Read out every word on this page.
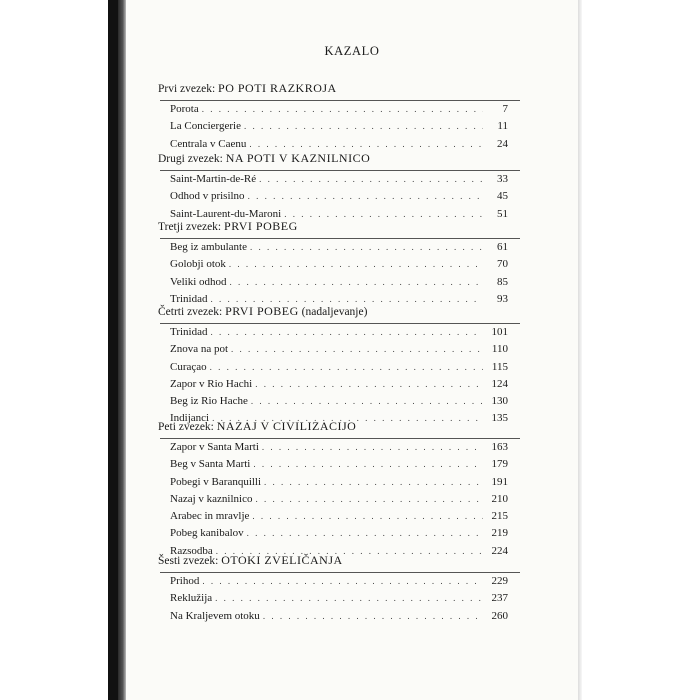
KAZALO
Prvi zvezek: PO POTI RAZKROJA
Porota . . .	7
La Conciergerie . . .	11
Centrala v Caenu . . .	24
Drugi zvezek: NA POTI V KAZNILNICO
Saint-Martin-de-Ré . . .	33
Odhod v prisilno . . .	45
Saint-Laurent-du-Maroni . . .	51
Tretji zvezek: PRVI POBEG
Beg iz ambulante . . .	61
Golobji otok . . .	70
Veliki odhod . . .	85
Trinidad . . .	93
Četrti zvezek: PRVI POBEG (nadaljevanje)
Trinidad . . .	101
Znova na pot . . .	110
Curaçao . . .	115
Zapor v Rio Hachi . . .	124
Beg iz Rio Hache . . .	130
Indijanci . . .	135
Peti zvezek: NAZAJ V CIVILIZACIJO
Zapor v Santa Marti . . .	163
Beg v Santa Marti . . .	179
Pobegi v Baranquilli . . .	191
Nazaj v kaznilnico . . .	210
Arabec in mravlje . . .	215
Pobeg kanibalov . . .	219
Razsodba . . .	224
Šesti zvezek: OTOKI ZVELIČANJA
Prihod . . .	229
Reklužija . . .	237
Na Kraljevem otoku . . .	260
